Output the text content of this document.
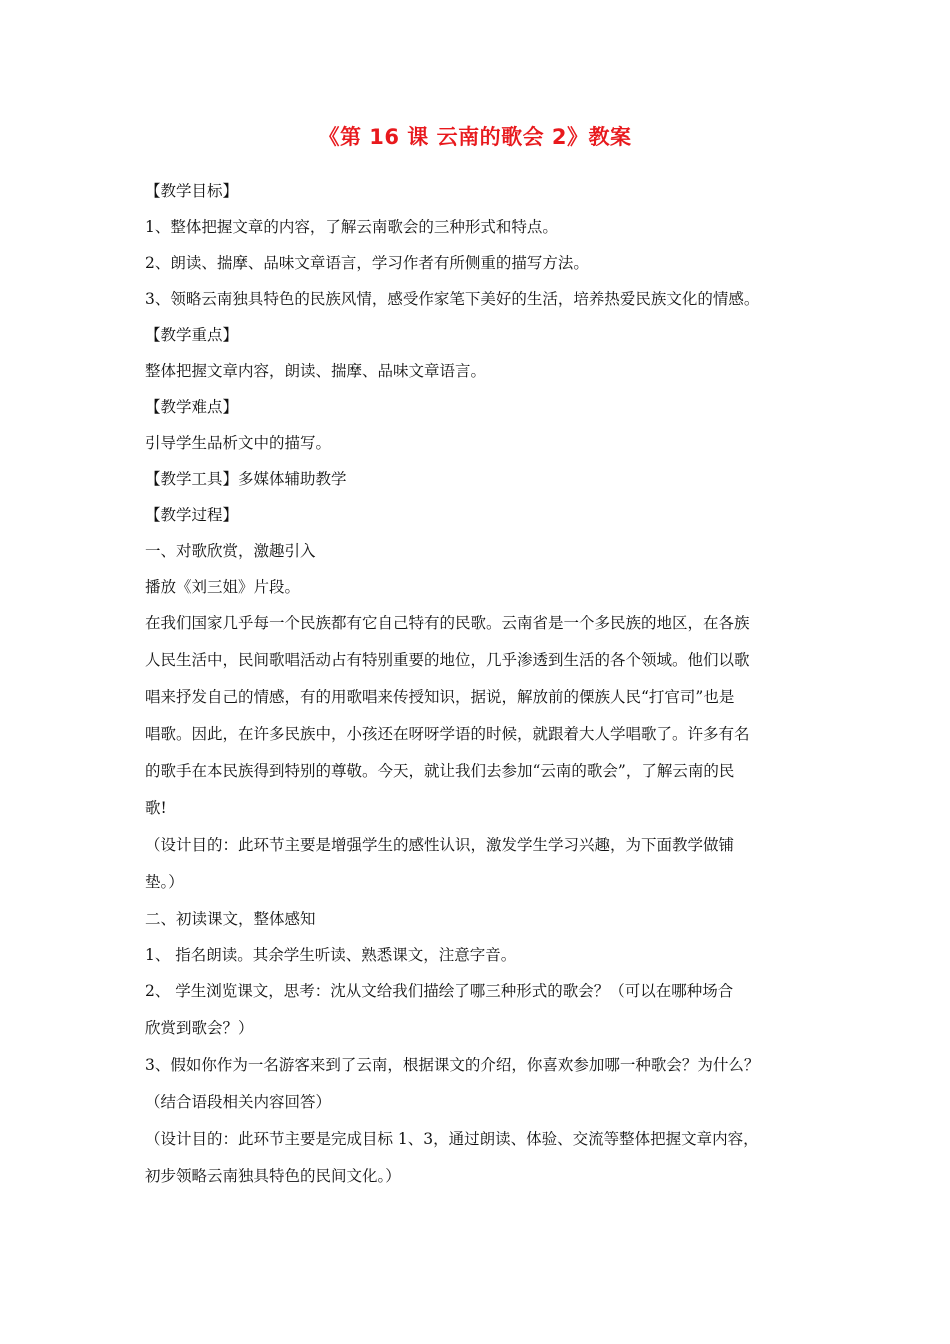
《第 16 课 云南的歌会 2》教案

【教学目标】

1、整体把握文章的内容，了解云南歌会的三种形式和特点。

2、朗读、揣摩、品味文章语言，学习作者有所侧重的描写方法。

3、领略云南独具特色的民族风情，感受作家笔下美好的生活，培养热爱民族文化的情感。

【教学重点】

整体把握文章内容，朗读、揣摩、品味文章语言。

【教学难点】

引导学生品析文中的描写。

【教学工具】多媒体辅助教学

【教学过程】

一、对歌欣赏，激趣引入

播放《刘三姐》片段。

在我们国家几乎每一个民族都有它自己特有的民歌。云南省是一个多民族的地区，在各族

人民生活中，民间歌唱活动占有特别重要的地位，几乎渗透到生活的各个领域。他们以歌

唱来抒发自己的情感，有的用歌唱来传授知识，据说，解放前的傈族人民“打官司”也是

唱歌。因此，在许多民族中，小孩还在呀呀学语的时候，就跟着大人学唱歌了。许多有名

的歌手在本民族得到特别的尊敬。今天，就让我们去参加“云南的歌会”，了解云南的民

歌!

（设计目的：此环节主要是增强学生的感性认识，激发学生学习兴趣，为下面教学做铺

垫。）

二、初读课文，整体感知

1、 指名朗读。其余学生听读、熟悉课文，注意字音。

2、 学生浏览课文，思考：沈从文给我们描绘了哪三种形式的歌会？（可以在哪种场合

欣赏到歌会？）

3、假如你作为一名游客来到了云南，根据课文的介绍，你喜欢参加哪一种歌会？为什么？

（结合语段相关内容回答）

（设计目的：此环节主要是完成目标 1、3，通过朗读、体验、交流等整体把握文章内容，

初步领略云南独具特色的民间文化。）
